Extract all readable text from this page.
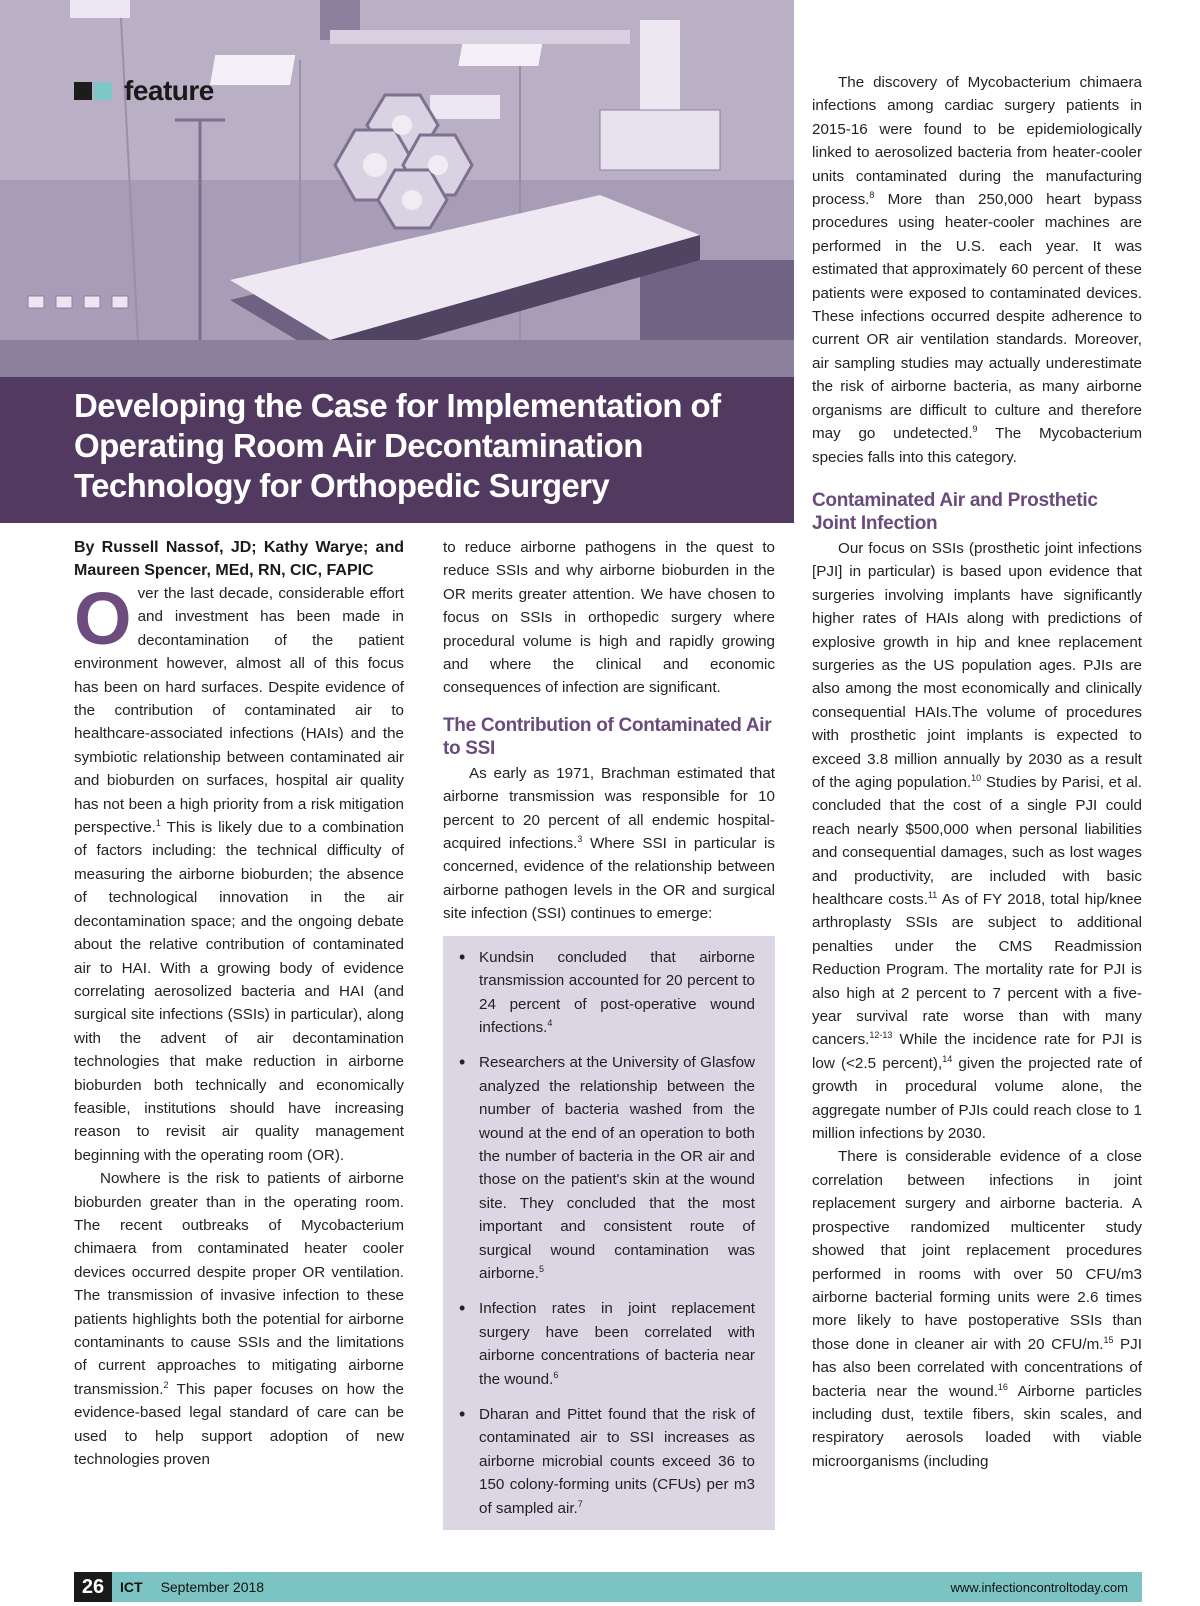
feature
Developing the Case for Implementation of Operating Room Air Decontamination Technology for Orthopedic Surgery

By Russell Nassof, JD; Kathy Warye; and Maureen Spencer, MEd, RN, CIC, FAPIC

Over the last decade, considerable effort and investment has been made in decontamination of the patient environment however, almost all of this focus has been on hard surfaces. Despite evidence of the contribution of contaminated air to healthcare-associated infections (HAIs) and the symbiotic relationship between contaminated air and bioburden on surfaces, hospital air quality has not been a high priority from a risk mitigation perspective.$^1$ This is likely due to a combination of factors including: the technical difficulty of measuring the airborne bioburden; the absence of technological innovation in the air decontamination space; and the ongoing debate about the relative contribution of contaminated air to HAI. With a growing body of evidence correlating aerosolized bacteria and HAI (and surgical site infections (SSIs) in particular), along with the advent of air decontamination technologies that make reduction in airborne bioburden both technically and economically feasible, institutions should have increasing reason to revisit air quality management beginning with the operating room (OR).

Nowhere is the risk to patients of airborne bioburden greater than in the operating room. The recent outbreaks of Mycobacterium chimaera from contaminated heater cooler devices occurred despite proper OR ventilation. The transmission of invasive infection to these patients highlights both the potential for airborne contaminants to cause SSIs and the limitations of current approaches to mitigating airborne transmission.$^2$ This paper focuses on how the evidence-based legal standard of care can be used to help support adoption of new technologies proven

to reduce airborne pathogens in the quest to reduce SSIs and why airborne bioburden in the OR merits greater attention. We have chosen to focus on SSIs in orthopedic surgery where procedural volume is high and rapidly growing and where the clinical and economic consequences of infection are significant.

The Contribution of Contaminated Air to SSI

As early as 1971, Brachman estimated that airborne transmission was responsible for 10 percent to 20 percent of all endemic hospital-acquired infections.$^3$ Where SSI in particular is concerned, evidence of the relationship between airborne pathogen levels in the OR and surgical site infection (SSI) continues to emerge:

• Kundsin concluded that airborne transmission accounted for 20 percent to 24 percent of post-operative wound infections.$^4$
• Researchers at the University of Glasfow analyzed the relationship between the number of bacteria washed from the wound at the end of an operation to both the number of bacteria in the OR air and those on the patient's skin at the wound site. They concluded that the most important and consistent route of surgical wound contamination was airborne.$^5$
• Infection rates in joint replacement surgery have been correlated with airborne concentrations of bacteria near the wound.$^6$
• Dharan and Pittet found that the risk of contaminated air to SSI increases as airborne microbial counts exceed 36 to 150 colony-forming units (CFUs) per m3 of sampled air.$^7$

The discovery of Mycobacterium chimaera infections among cardiac surgery patients in 2015-16 were found to be epidemiologically linked to aerosolized bacteria from heater-cooler units contaminated during the manufacturing process.$^8$ More than 250,000 heart bypass procedures using heater-cooler machines are performed in the U.S. each year. It was estimated that approximately 60 percent of these patients were exposed to contaminated devices. These infections occurred despite adherence to current OR air ventilation standards. Moreover, air sampling studies may actually underestimate the risk of airborne bacteria, as many airborne organisms are difficult to culture and therefore may go undetected.$^9$ The Mycobacterium species falls into this category.

Contaminated Air and Prosthetic Joint Infection

Our focus on SSIs (prosthetic joint infections [PJI] in particular) is based upon evidence that surgeries involving implants have significantly higher rates of HAIs along with predictions of explosive growth in hip and knee replacement surgeries as the US population ages. PJIs are also among the most economically and clinically consequential HAIs.The volume of procedures with prosthetic joint implants is expected to exceed 3.8 million annually by 2030 as a result of the aging population.$^{10}$ Studies by Parisi, et al. concluded that the cost of a single PJI could reach nearly $500,000 when personal liabilities and consequential damages, such as lost wages and productivity, are included with basic healthcare costs.$^{11}$ As of FY 2018, total hip/knee arthroplasty SSIs are subject to additional penalties under the CMS Readmission Reduction Program. The mortality rate for PJI is also high at 2 percent to 7 percent with a five-year survival rate worse than with many cancers.$^{12-13}$ While the incidence rate for PJI is low (<2.5 percent),$^{14}$ given the projected rate of growth in procedural volume alone, the aggregate number of PJIs could reach close to 1 million infections by 2030.

There is considerable evidence of a close correlation between infections in joint replacement surgery and airborne bacteria. A prospective randomized multicenter study showed that joint replacement procedures performed in rooms with over 50 CFU/m3 airborne bacterial forming units were 2.6 times more likely to have postoperative SSIs than those done in cleaner air with 20 CFU/m.$^{15}$ PJI has also been correlated with concentrations of bacteria near the wound.$^{16}$ Airborne particles including dust, textile fibers, skin scales, and respiratory aerosols loaded with viable microorganisms (including

26	ICT September 2018	www.infectioncontroltoday.com
